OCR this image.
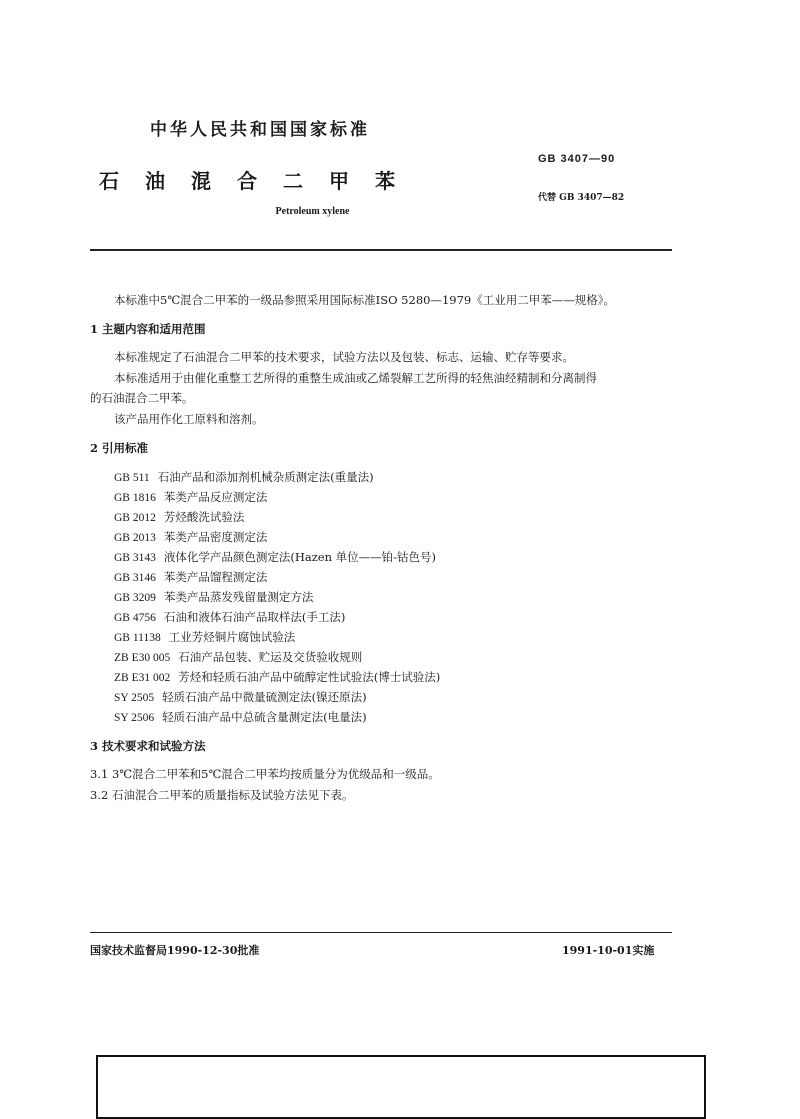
中华人民共和国国家标准
石油混合二甲苯
Petroleum xylene
GB 3407—90
代替 GB 3407—82
本标准中5℃混合二甲苯的一级品参照采用国际标准ISO 5280—1979《工业用二甲苯——规格》。
1 主题内容和适用范围
本标准规定了石油混合二甲苯的技术要求，试验方法以及包装、标志、运输、贮存等要求。
本标准适用于由催化重整工艺所得的重整生成油或乙烯裂解工艺所得的轻焦油经精制和分离制得
的石油混合二甲苯。
该产品用作化工原料和溶剂。
2 引用标准
GB 511 石油产品和添加剂机械杂质测定法(重量法)
GB 1816 苯类产品反应测定法
GB 2012 芳烃酸洗试验法
GB 2013 苯类产品密度测定法
GB 3143 液体化学产品颜色测定法(Hazen 单位——铂-钴色号)
GB 3146 苯类产品馏程测定法
GB 3209 苯类产品蒸发残留量测定方法
GB 4756 石油和液体石油产品取样法(手工法)
GB 11138 工业芳烃铜片腐蚀试验法
ZB E30 005 石油产品包装、贮运及交货验收规则
ZB E31 002 芳烃和轻质石油产品中硫醇定性试验法(博士试验法)
SY 2505 轻质石油产品中微量硫测定法(镍还原法)
SY 2506 轻质石油产品中总硫含量测定法(电量法)
3 技术要求和试验方法
3.1 3℃混合二甲苯和5℃混合二甲苯均按质量分为优级品和一级品。
3.2 石油混合二甲苯的质量指标及试验方法见下表。
国家技术监督局1990-12-30批准	1991-10-01实施
